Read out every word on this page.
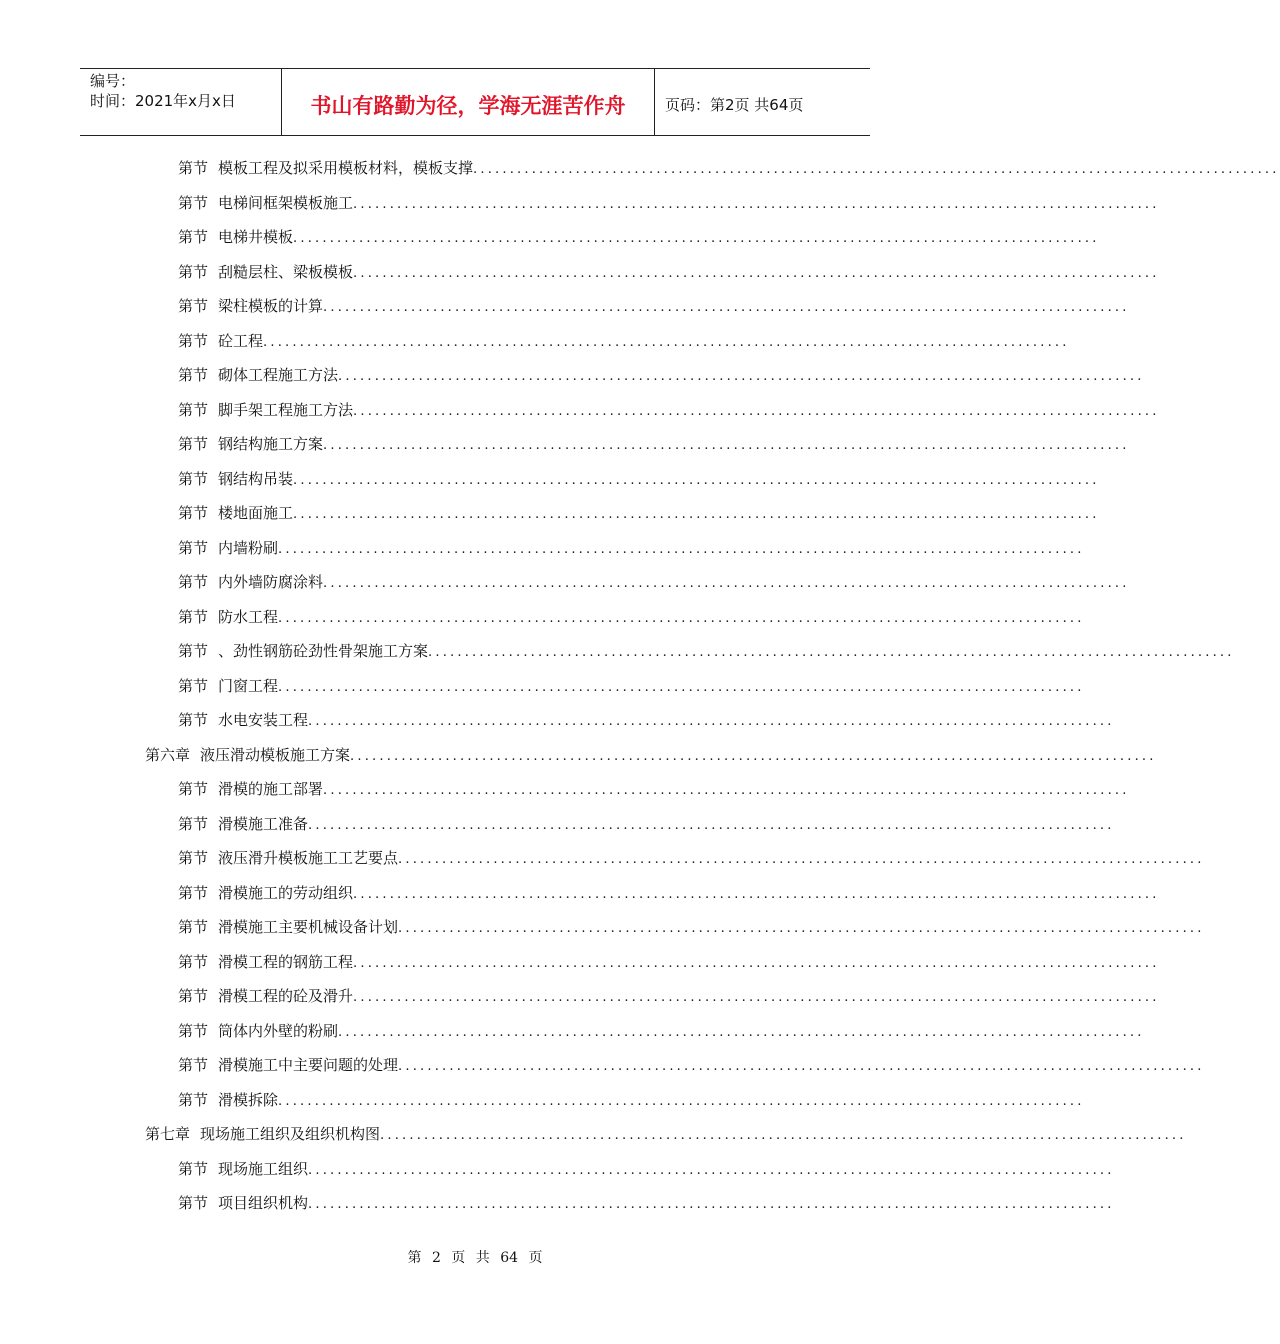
编号：
时间：2021年x月x日	书山有路勤为径，学海无涯苦作舟	页码：第2页 共64页
第节 模板工程及拟采用模板材料，模板支撑 ..............................................................................................................
第节 电梯间框架模板施工 ..............................................................................................................
第节 电梯井模板 ..............................................................................................................
第节 刮糙层柱、梁板模板 ..............................................................................................................
第节 梁柱模板的计算 ..............................................................................................................
第节 砼工程 ..............................................................................................................
第节 砌体工程施工方法 ..............................................................................................................
第节 脚手架工程施工方法 ..............................................................................................................
第节 钢结构施工方案 ..............................................................................................................
第节 钢结构吊装 ..............................................................................................................
第节 楼地面施工 ..............................................................................................................
第节 内墙粉刷 ..............................................................................................................
第节 内外墙防腐涂料 ..............................................................................................................
第节 防水工程 ..............................................................................................................
第节 、劲性钢筋砼劲性骨架施工方案 ..............................................................................................................
第节 门窗工程 ..............................................................................................................
第节 水电安装工程 ..............................................................................................................
第六章 液压滑动模板施工方案 ..............................................................................................................
第节 滑模的施工部署 ..............................................................................................................
第节 滑模施工准备 ..............................................................................................................
第节 液压滑升模板施工工艺要点 ..............................................................................................................
第节 滑模施工的劳动组织 ..............................................................................................................
第节 滑模施工主要机械设备计划 ..............................................................................................................
第节 滑模工程的钢筋工程 ..............................................................................................................
第节 滑模工程的砼及滑升 ..............................................................................................................
第节 筒体内外壁的粉刷 ..............................................................................................................
第节 滑模施工中主要问题的处理 ..............................................................................................................
第节 滑模拆除 ..............................................................................................................
第七章 现场施工组织及组织机构图 ..............................................................................................................
第节 现场施工组织 ..............................................................................................................
第节 项目组织机构 ..............................................................................................................
第 2 页 共 64 页
